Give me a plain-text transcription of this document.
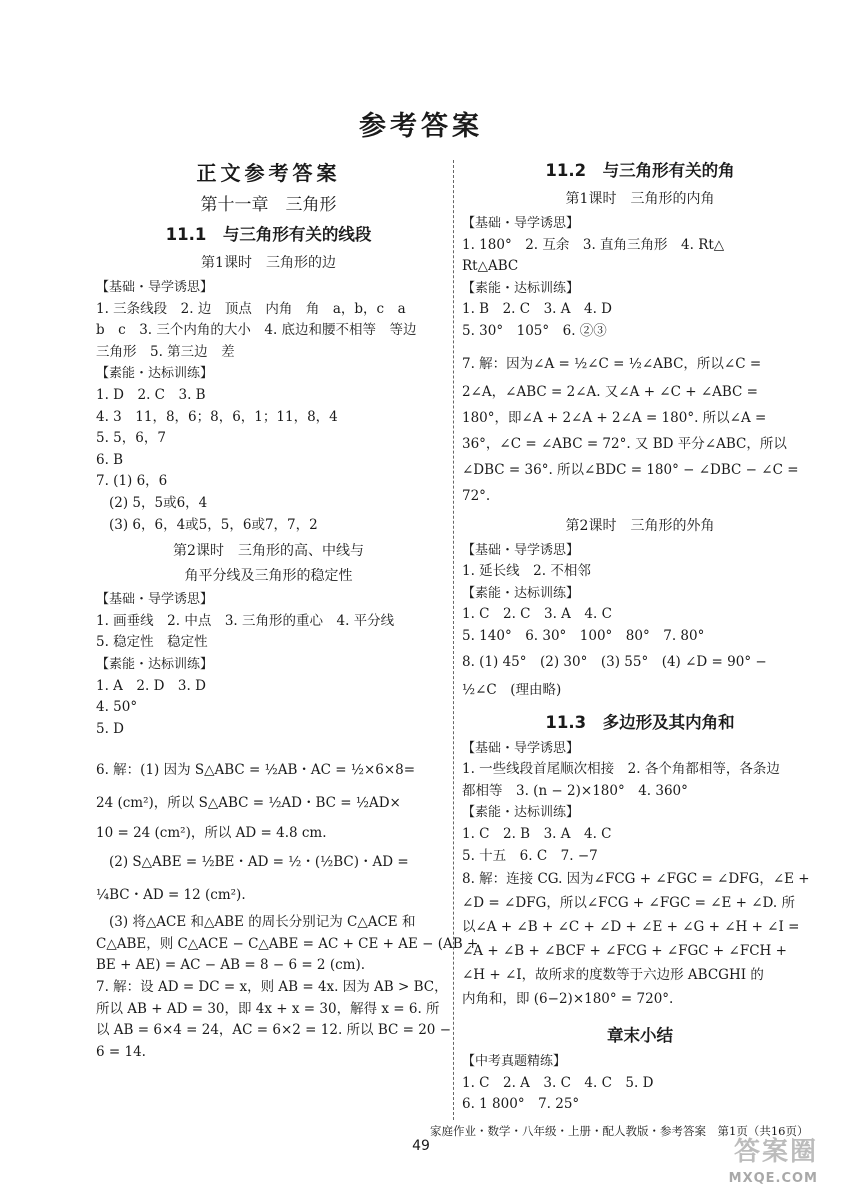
参考答案
正文参考答案
第十一章　三角形
11.1　与三角形有关的线段
第1课时　三角形的边
【基础・导学诱思】
1. 三条线段　2. 边　顶点　内角　角　a，b，c　a
b　c　3. 三个内角的大小　4. 底边和腰不相等　等边
三角形　5. 第三边　差
【素能・达标训练】
1. D　2. C　3. B
4. 3　11，8，6；8，6，1；11，8，4
5. 5，6，7
6. B
7. (1) 6，6
(2) 5，5或6，4
(3) 6，6，4或5，5，6或7，7，2
第2课时　三角形的高、中线与
角平分线及三角形的稳定性
【基础・导学诱思】
1. 画垂线　2. 中点　3. 三角形的重心　4. 平分线
5. 稳定性　稳定性
【素能・达标训练】
1. A　2. D　3. D
4. 50°
5. D
6. 解：(1) 因为 S△ABC = ½AB・AC = ½×6×8=
24 (cm²)，所以 S△ABC = ½AD・BC = ½AD×
10 = 24 (cm²)，所以 AD = 4.8 cm.
(2) S△ABE = ½BE・AD = ½・(½BC)・AD =
¼BC・AD = 12 (cm²).
(3) 将△ACE 和△ABE 的周长分别记为 C△ACE 和
C△ABE，则 C△ACE − C△ABE = AC + CE + AE − (AB +
BE + AE) = AC − AB = 8 − 6 = 2 (cm).
7. 解：设 AD = DC = x，则 AB = 4x. 因为 AB > BC，
所以 AB + AD = 30，即 4x + x = 30，解得 x = 6. 所
以 AB = 6×4 = 24，AC = 6×2 = 12. 所以 BC = 20 −
6 = 14.
11.2　与三角形有关的角
第1课时　三角形的内角
【基础・导学诱思】
1. 180°　2. 互余　3. 直角三角形　4. Rt△
Rt△ABC
【素能・达标训练】
1. B　2. C　3. A　4. D
5. 30°　105°　6. ②③
7. 解：因为∠A = ½∠C = ½∠ABC，所以∠C =
2∠A，∠ABC = 2∠A. 又∠A + ∠C + ∠ABC =
180°，即∠A + 2∠A + 2∠A = 180°. 所以∠A =
36°，∠C = ∠ABC = 72°. 又 BD 平分∠ABC，所以
∠DBC = 36°. 所以∠BDC = 180° − ∠DBC − ∠C =
72°.
第2课时　三角形的外角
【基础・导学诱思】
1. 延长线　2. 不相邻
【素能・达标训练】
1. C　2. C　3. A　4. C
5. 140°　6. 30°　100°　80°　7. 80°
8. (1) 45°　(2) 30°　(3) 55°　(4) ∠D = 90° −
½∠C　(理由略)
11.3　多边形及其内角和
【基础・导学诱思】
1. 一些线段首尾顺次相接　2. 各个角都相等，各条边
都相等　3. (n − 2)×180°　4. 360°
【素能・达标训练】
1. C　2. B　3. A　4. C
5. 十五　6. C　7. −7
8. 解：连接 CG. 因为∠FCG + ∠FGC = ∠DFG，∠E +
∠D = ∠DFG，所以∠FCG + ∠FGC = ∠E + ∠D. 所
以∠A + ∠B + ∠C + ∠D + ∠E + ∠G + ∠H + ∠I =
∠A + ∠B + ∠BCF + ∠FCG + ∠FGC + ∠FCH +
∠H + ∠I，故所求的度数等于六边形 ABCGHI 的
内角和，即 (6−2)×180° = 720°.
章末小结
【中考真题精练】
1. C　2. A　3. C　4. C　5. D
6. 1 800°　7. 25°
家庭作业・数学・八年级・上册・配人教版・参考答案　第1页（共16页）
49	答案圈
MXQE.COM
